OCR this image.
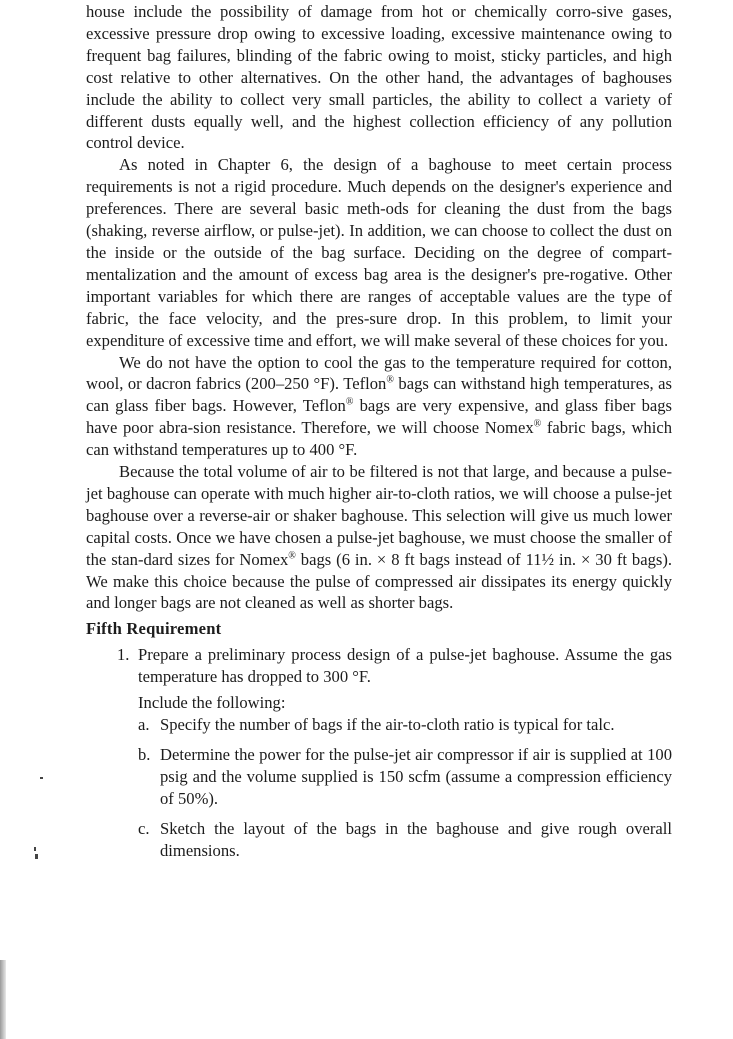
house include the possibility of damage from hot or chemically corro-sive gases, excessive pressure drop owing to excessive loading, excessive maintenance owing to frequent bag failures, blinding of the fabric owing to moist, sticky particles, and high cost relative to other alternatives. On the other hand, the advantages of baghouses include the ability to collect very small particles, the ability to collect a variety of different dusts equally well, and the highest collection efficiency of any pollution control device.

As noted in Chapter 6, the design of a baghouse to meet certain process requirements is not a rigid procedure. Much depends on the designer's experience and preferences. There are several basic meth-ods for cleaning the dust from the bags (shaking, reverse airflow, or pulse-jet). In addition, we can choose to collect the dust on the inside or the outside of the bag surface. Deciding on the degree of compart-mentalization and the amount of excess bag area is the designer's pre-rogative. Other important variables for which there are ranges of acceptable values are the type of fabric, the face velocity, and the pres-sure drop. In this problem, to limit your expenditure of excessive time and effort, we will make several of these choices for you.

We do not have the option to cool the gas to the temperature required for cotton, wool, or dacron fabrics (200–250 °F). Teflon® bags can withstand high temperatures, as can glass fiber bags. However, Teflon® bags are very expensive, and glass fiber bags have poor abra-sion resistance. Therefore, we will choose Nomex® fabric bags, which can withstand temperatures up to 400 °F.

Because the total volume of air to be filtered is not that large, and because a pulse-jet baghouse can operate with much higher air-to-cloth ratios, we will choose a pulse-jet baghouse over a reverse-air or shaker baghouse. This selection will give us much lower capital costs. Once we have chosen a pulse-jet baghouse, we must choose the smaller of the stan-dard sizes for Nomex® bags (6 in. × 8 ft bags instead of 11½ in. × 30 ft bags). We make this choice because the pulse of compressed air dissipates its energy quickly and longer bags are not cleaned as well as shorter bags.

Fifth Requirement

1. Prepare a preliminary process design of a pulse-jet baghouse. Assume the gas temperature has dropped to 300 °F.

Include the following:

a. Specify the number of bags if the air-to-cloth ratio is typical for talc.
b. Determine the power for the pulse-jet air compressor if air is supplied at 100 psig and the volume supplied is 150 scfm (assume a compression efficiency of 50%).
c. Sketch the layout of the bags in the baghouse and give rough overall dimensions.
